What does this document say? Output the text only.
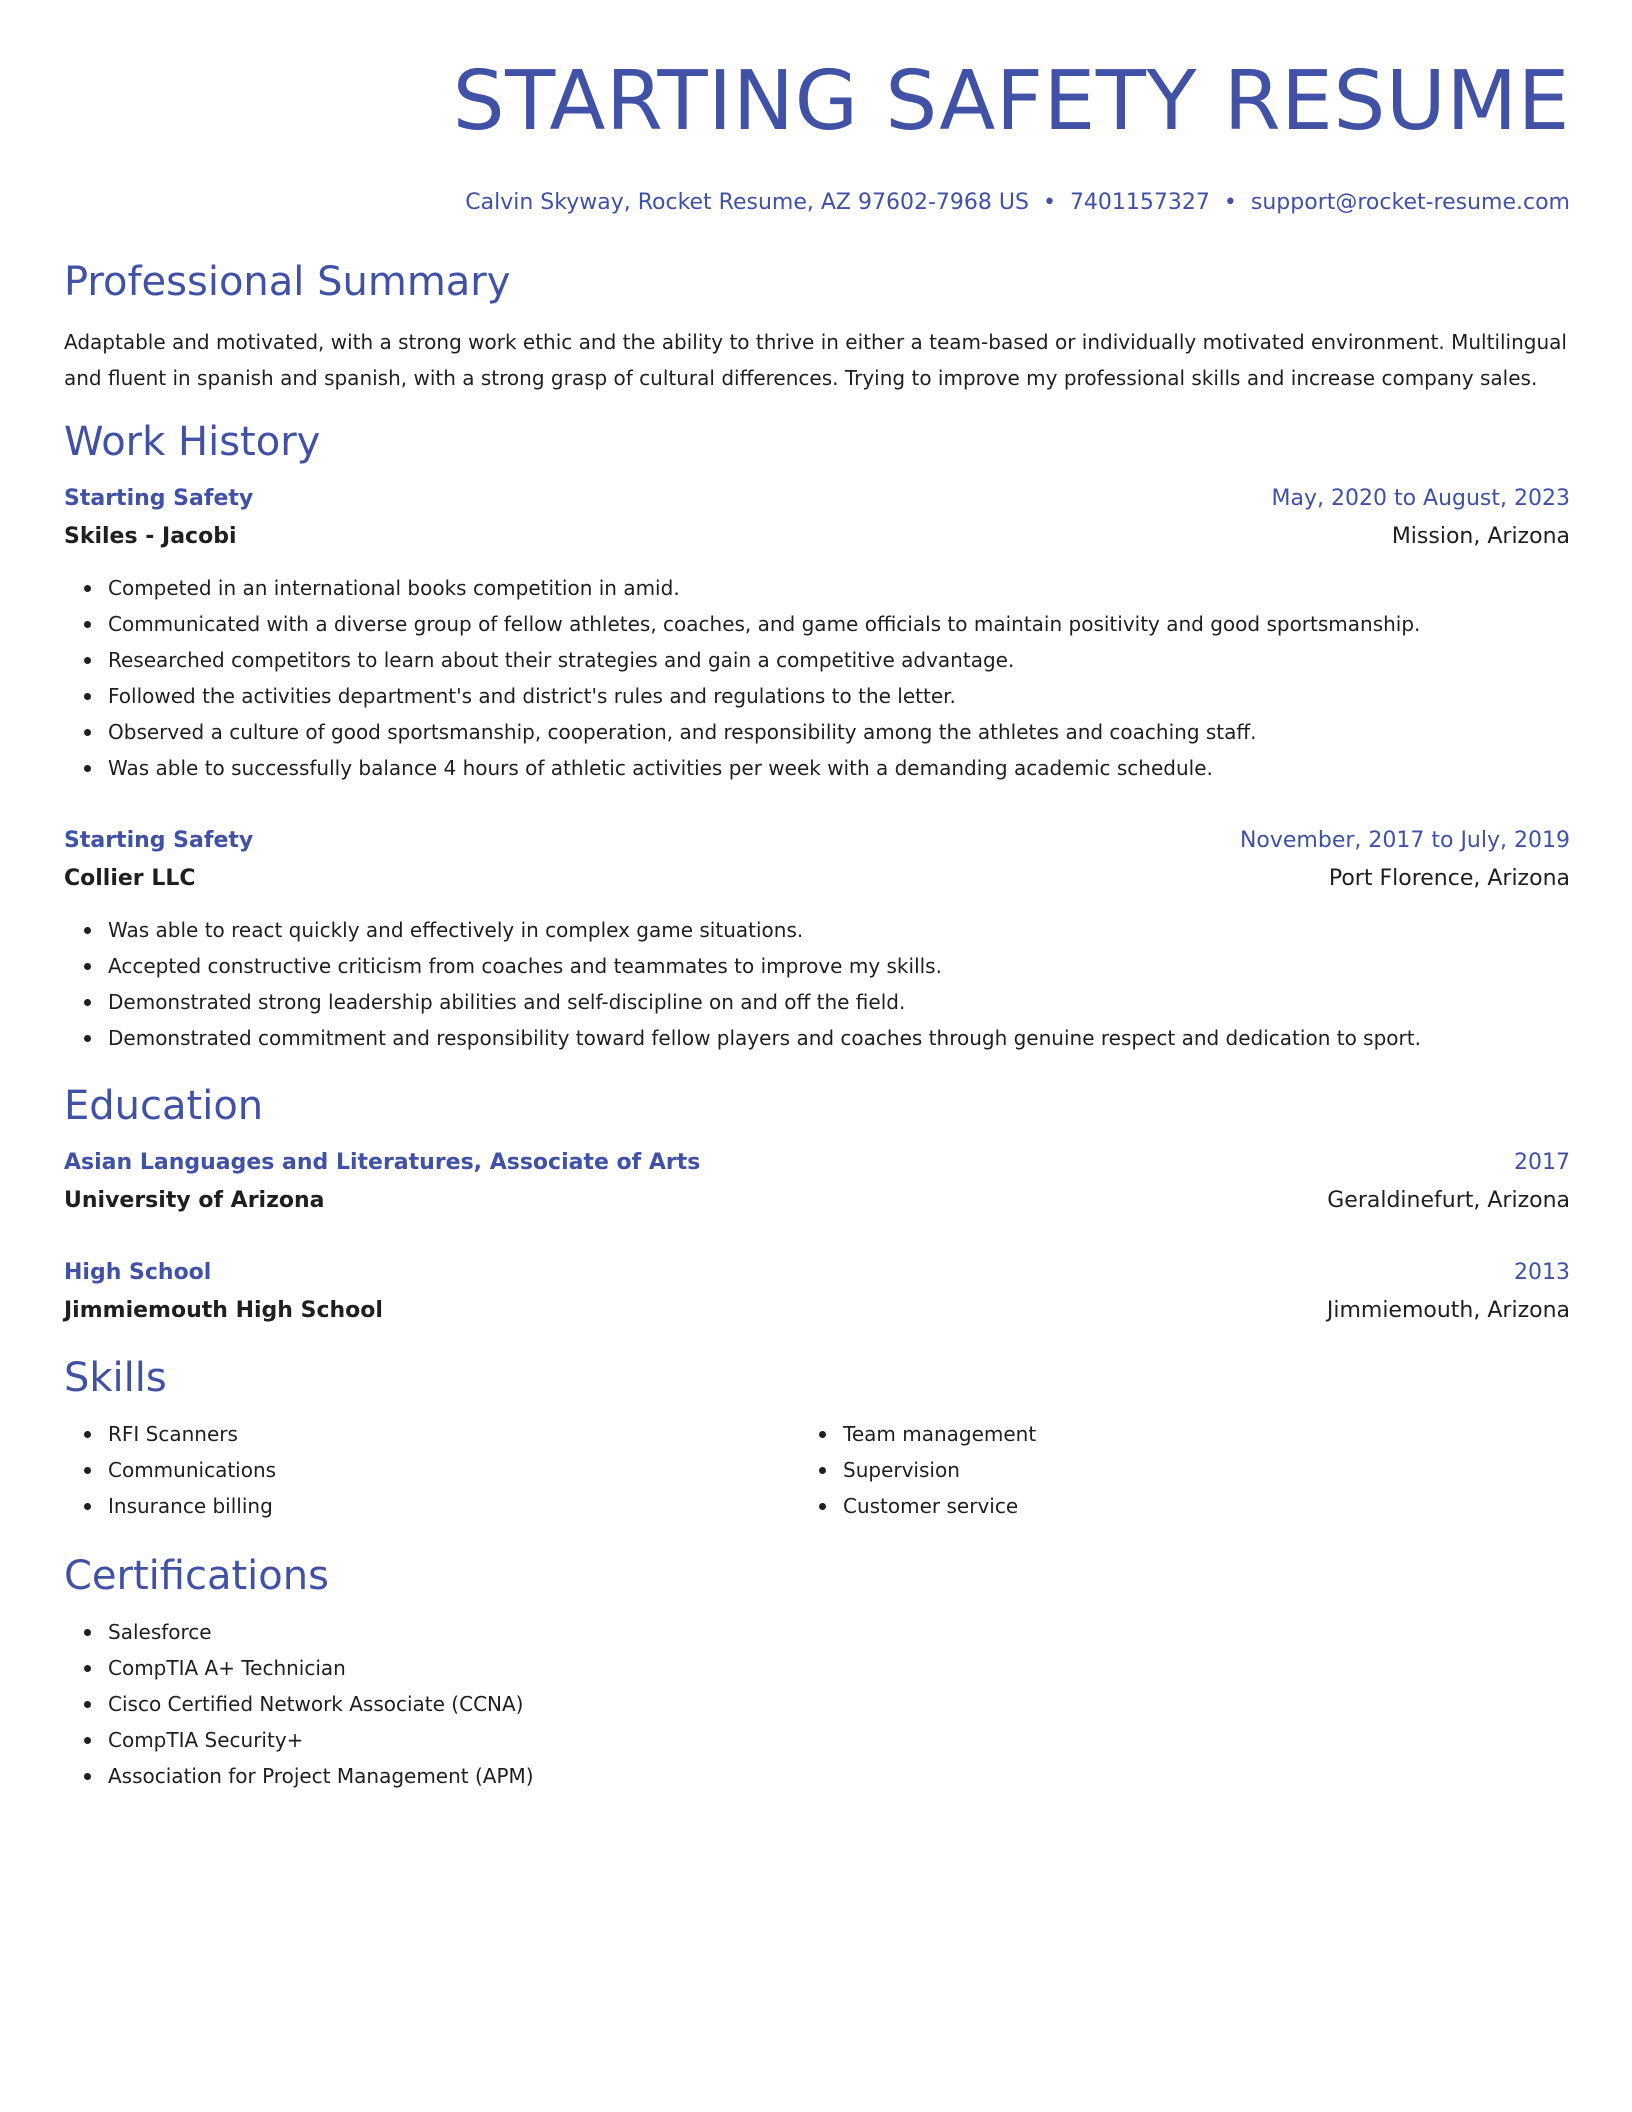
STARTING SAFETY RESUME
Calvin Skyway, Rocket Resume, AZ 97602-7968 US • 7401157327 • support@rocket-resume.com
Professional Summary
Adaptable and motivated, with a strong work ethic and the ability to thrive in either a team-based or individually motivated environment. Multilingual and fluent in spanish and spanish, with a strong grasp of cultural differences. Trying to improve my professional skills and increase company sales.
Work History
Starting Safety	May, 2020 to August, 2023
Skiles - Jacobi	Mission, Arizona
Competed in an international books competition in amid.
Communicated with a diverse group of fellow athletes, coaches, and game officials to maintain positivity and good sportsmanship.
Researched competitors to learn about their strategies and gain a competitive advantage.
Followed the activities department's and district's rules and regulations to the letter.
Observed a culture of good sportsmanship, cooperation, and responsibility among the athletes and coaching staff.
Was able to successfully balance 4 hours of athletic activities per week with a demanding academic schedule.
Starting Safety	November, 2017 to July, 2019
Collier LLC	Port Florence, Arizona
Was able to react quickly and effectively in complex game situations.
Accepted constructive criticism from coaches and teammates to improve my skills.
Demonstrated strong leadership abilities and self-discipline on and off the field.
Demonstrated commitment and responsibility toward fellow players and coaches through genuine respect and dedication to sport.
Education
Asian Languages and Literatures, Associate of Arts	2017
University of Arizona	Geraldinefurt, Arizona
High School	2013
Jimmiemouth High School	Jimmiemouth, Arizona
Skills
RFI Scanners
Communications
Insurance billing
Team management
Supervision
Customer service
Certifications
Salesforce
CompTIA A+ Technician
Cisco Certified Network Associate (CCNA)
CompTIA Security+
Association for Project Management (APM)
